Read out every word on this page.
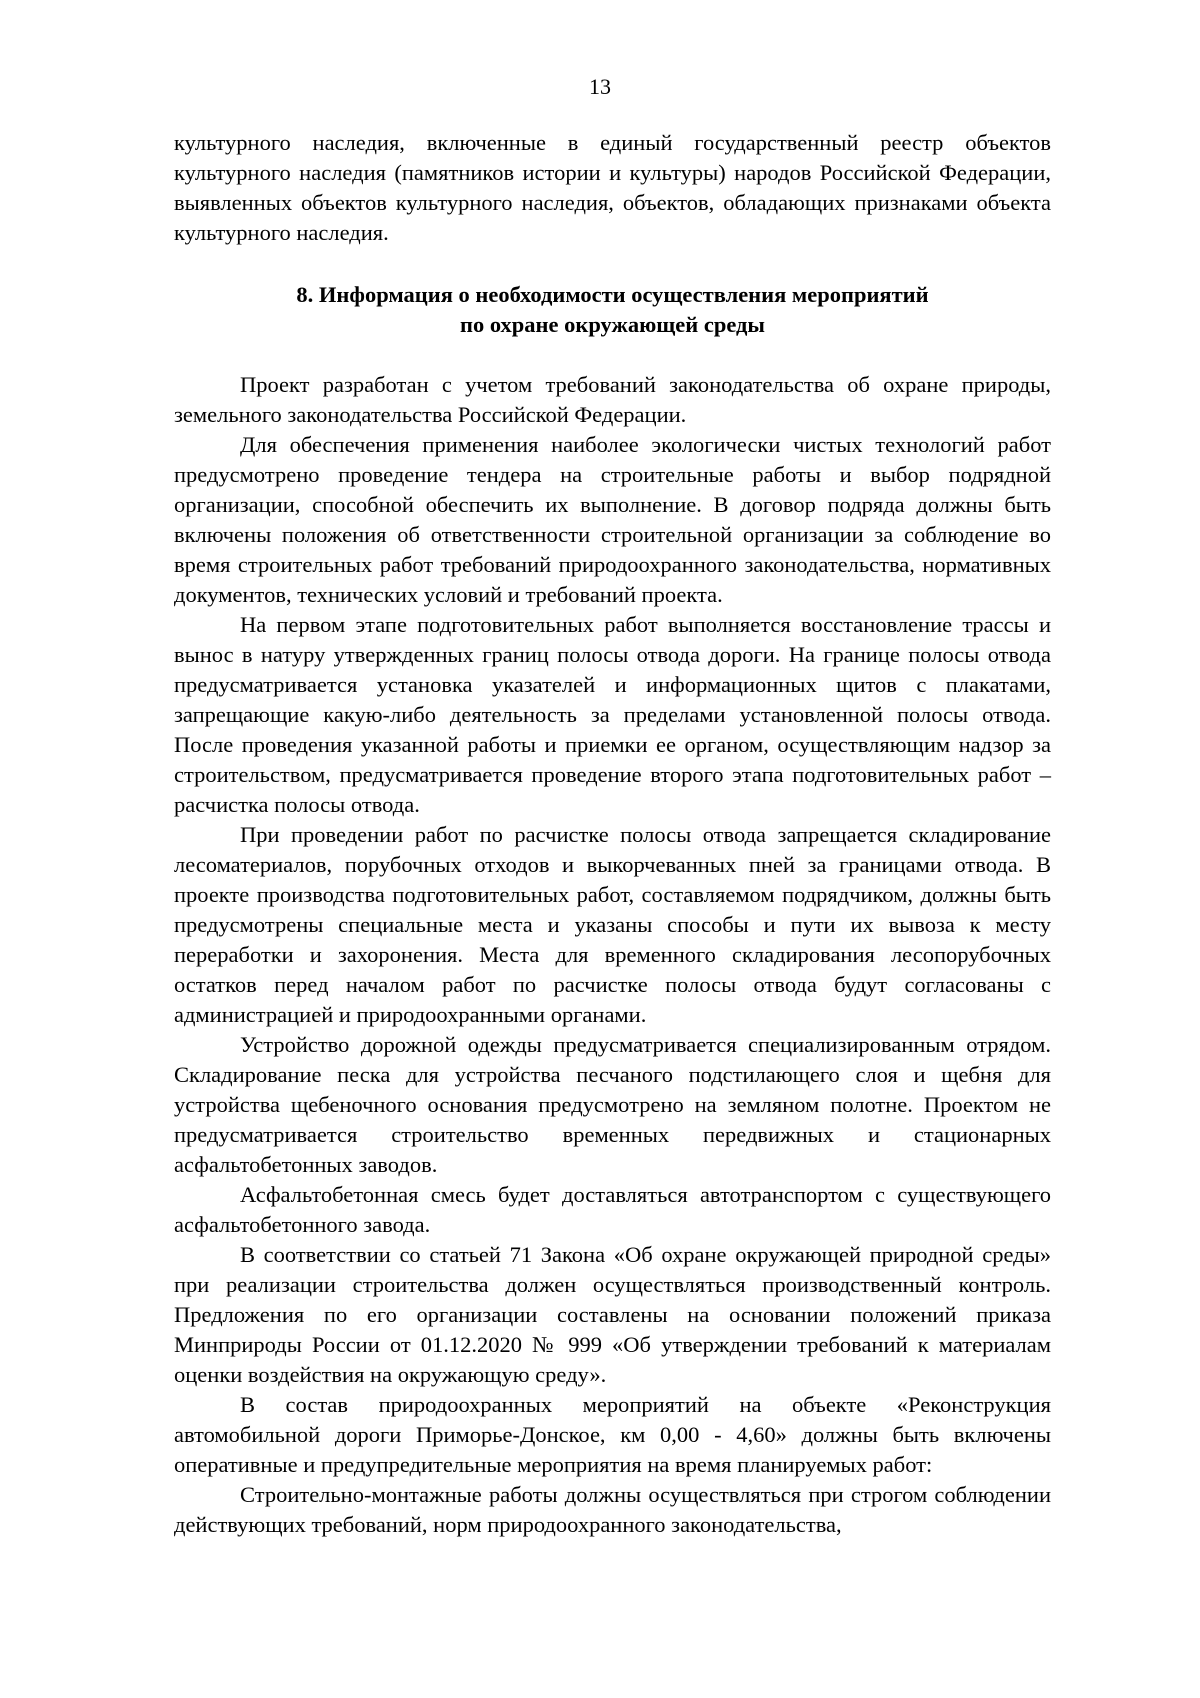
13

культурного наследия, включенные в единый государственный реестр объектов культурного наследия (памятников истории и культуры) народов Российской Федерации, выявленных объектов культурного наследия, объектов, обладающих признаками объекта культурного наследия.

8. Информация о необходимости осуществления мероприятий
по охране окружающей среды

Проект разработан с учетом требований законодательства об охране природы, земельного законодательства Российской Федерации.

Для обеспечения применения наиболее экологически чистых технологий работ предусмотрено проведение тендера на строительные работы и выбор подрядной организации, способной обеспечить их выполнение. В договор подряда должны быть включены положения об ответственности строительной организации за соблюдение во время строительных работ требований природоохранного законодательства, нормативных документов, технических условий и требований проекта.

На первом этапе подготовительных работ выполняется восстановление трассы и вынос в натуру утвержденных границ полосы отвода дороги. На границе полосы отвода предусматривается установка указателей и информационных щитов с плакатами, запрещающие какую-либо деятельность за пределами установленной полосы отвода. После проведения указанной работы и приемки ее органом, осуществляющим надзор за строительством, предусматривается проведение второго этапа подготовительных работ – расчистка полосы отвода.

При проведении работ по расчистке полосы отвода запрещается складирование лесоматериалов, порубочных отходов и выкорчеванных пней за границами отвода. В проекте производства подготовительных работ, составляемом подрядчиком, должны быть предусмотрены специальные места и указаны способы и пути их вывоза к месту переработки и захоронения. Места для временного складирования лесопорубочных остатков перед началом работ по расчистке полосы отвода будут согласованы с администрацией и природоохранными органами.

Устройство дорожной одежды предусматривается специализированным отрядом. Складирование песка для устройства песчаного подстилающего слоя и щебня для устройства щебеночного основания предусмотрено на земляном полотне. Проектом не предусматривается строительство временных передвижных и стационарных асфальтобетонных заводов.

Асфальтобетонная смесь будет доставляться автотранспортом с существующего асфальтобетонного завода.

В соответствии со статьей 71 Закона «Об охране окружающей природной среды» при реализации строительства должен осуществляться производственный контроль. Предложения по его организации составлены на основании положений приказа Минприроды России от 01.12.2020 № 999 «Об утверждении требований к материалам оценки воздействия на окружающую среду».

В состав природоохранных мероприятий на объекте «Реконструкция автомобильной дороги Приморье-Донское, км 0,00 - 4,60» должны быть включены оперативные и предупредительные мероприятия на время планируемых работ:

Строительно-монтажные работы должны осуществляться при строгом соблюдении действующих требований, норм природоохранного законодательства,
